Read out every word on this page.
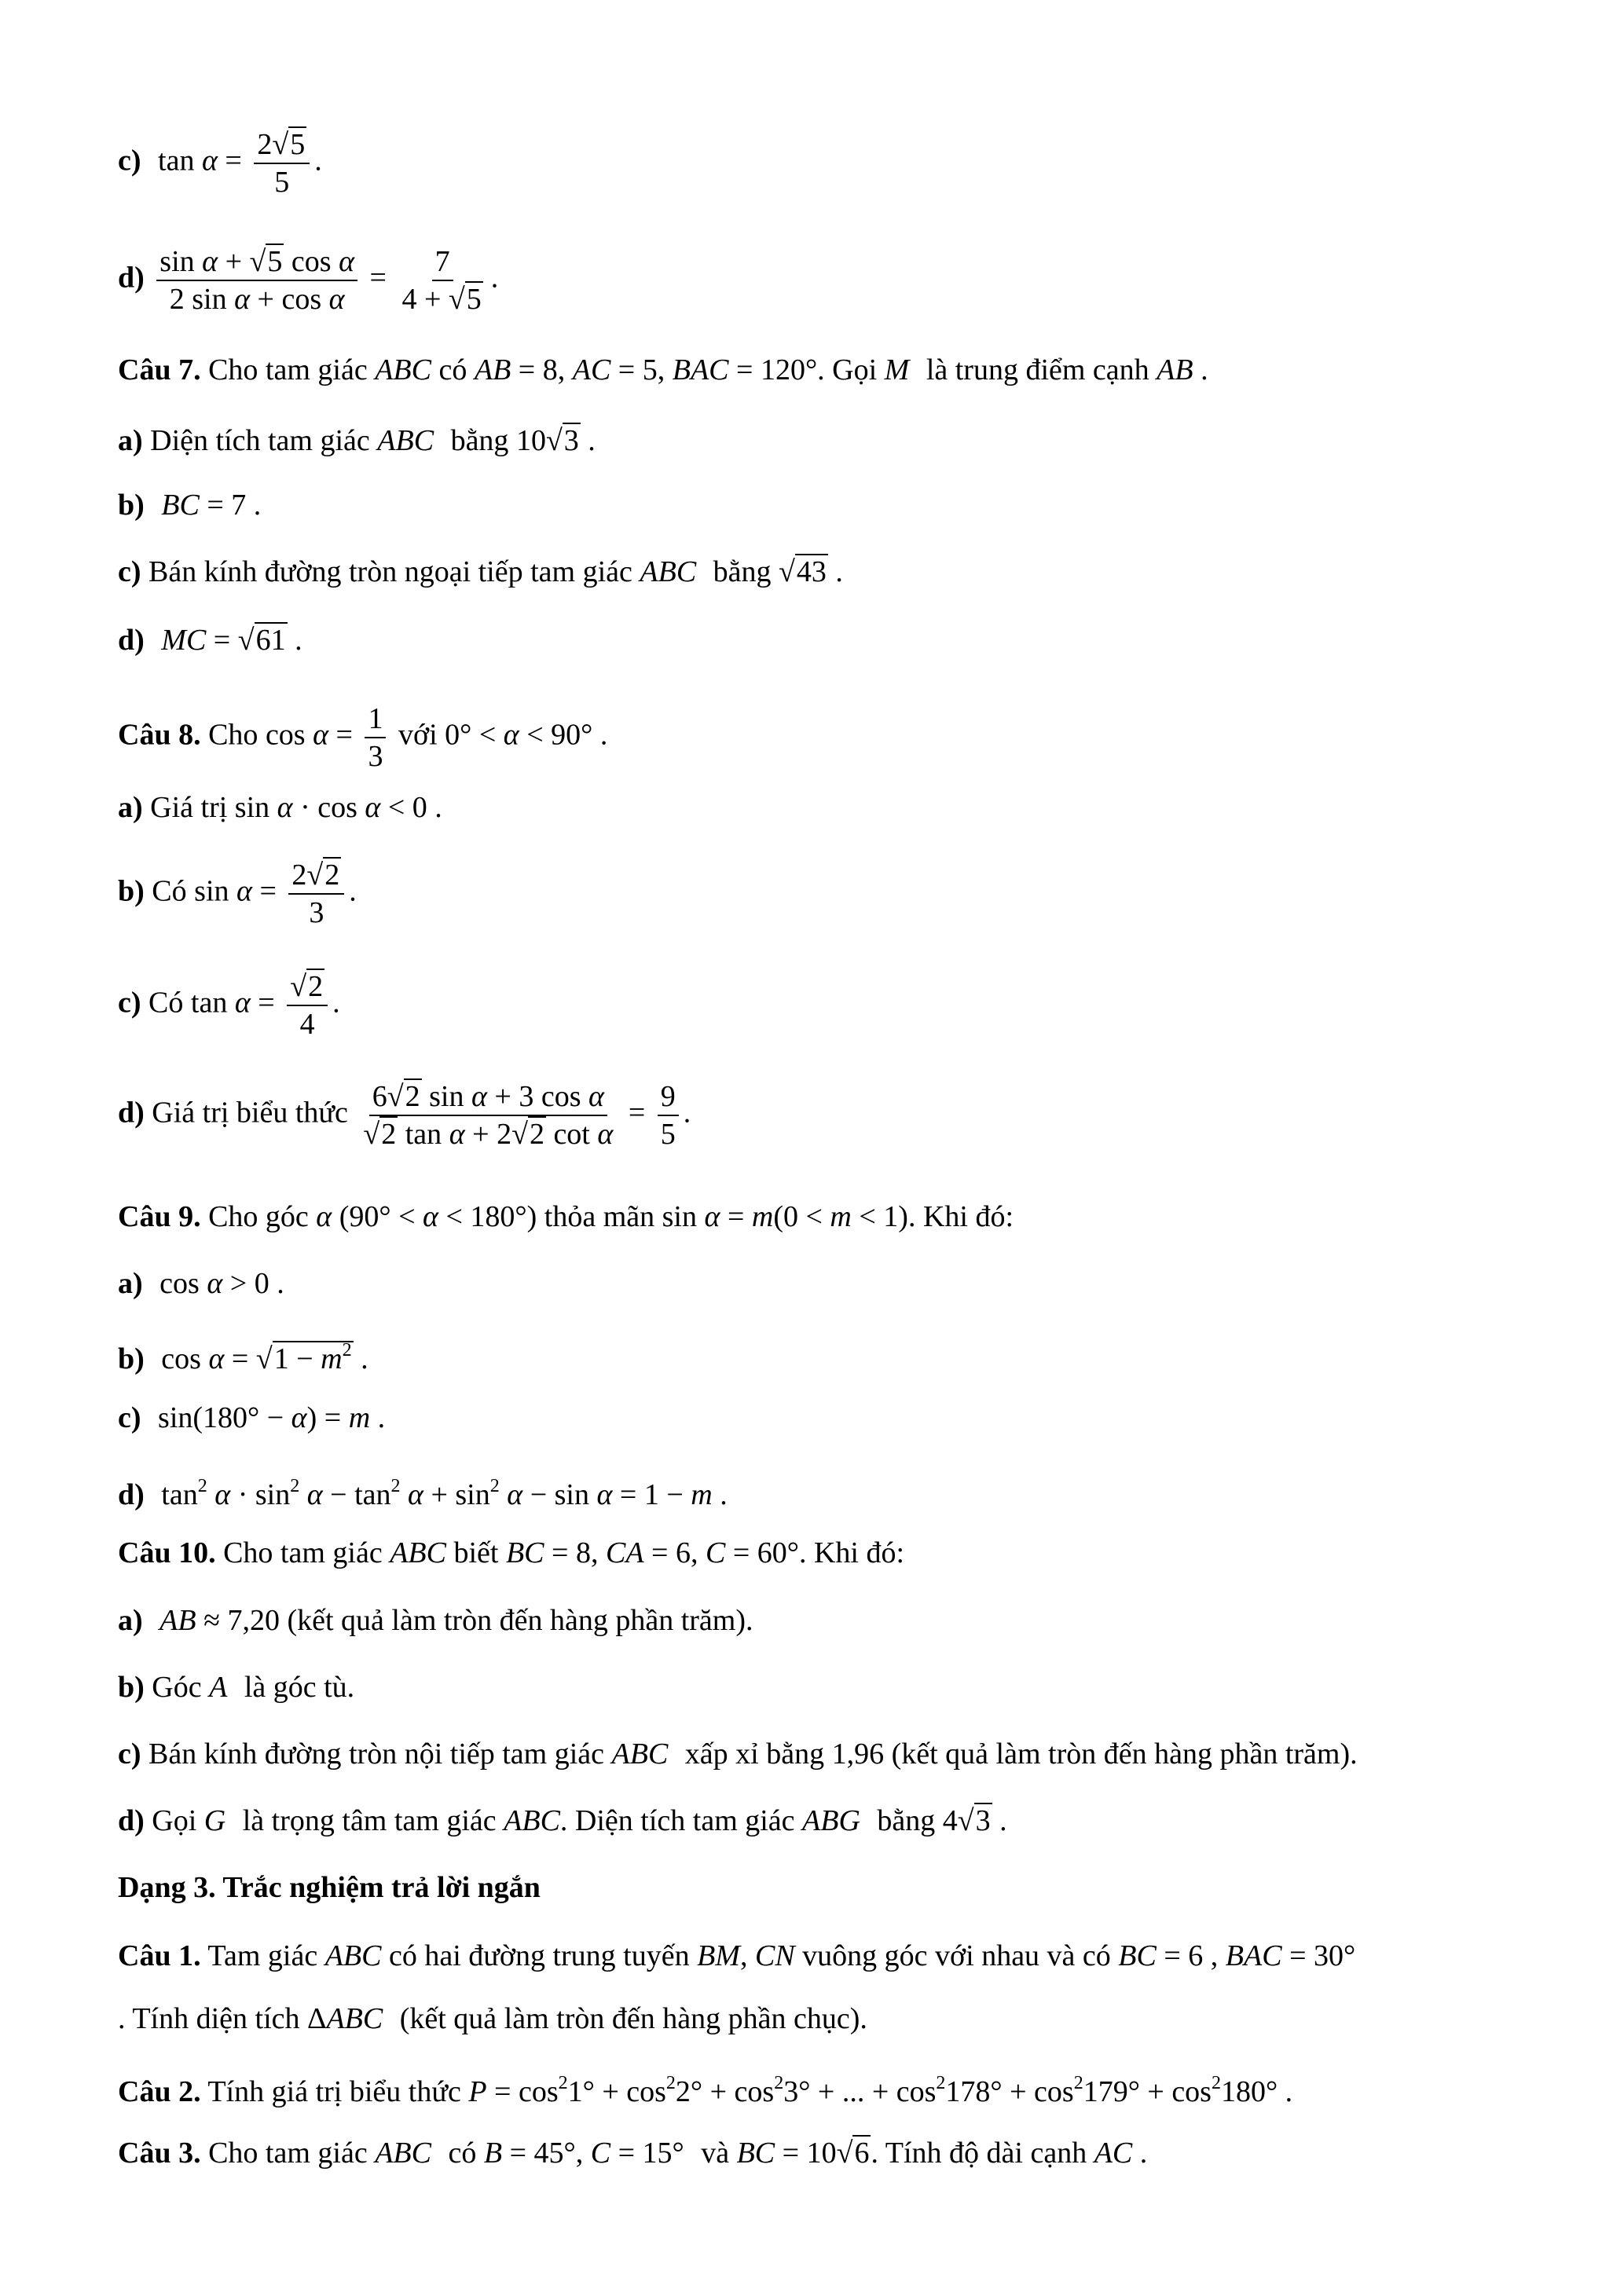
c) $\tan \alpha = \frac{2√5}{5}$ .
$d) \frac{\text{sin α + √5 cos α}}{\text{2 sin α + cos α}} = \frac{7}{4 + √5}$ .
Câu 7. Cho tam giác ABC có AB = 8, AC = 5, BAC = 120°. Gọi M là trung điểm cạnh AB .
a) Diện tích tam giác ABC bằng 10√3 .
b) BC = 7 .
c) Bán kính đường tròn ngoại tiếp tam giác ABC bằng √43 .
d) MC = √61 .
Câu 8. Cho $\cos \alpha = \frac{1}{3}$ với 0° < α < 90° .
a) Giá trị sin α · cos α < 0 .
b) Có $\sin \alpha = \frac{2√2}{3}$ .
c) Có $\tan \alpha = \frac{√2}{4}$ .
d) Giá trị biểu thức $\frac{\text{6√2 sin α + 3 cos α}}{\text{√2 tan α + 2√2 cot α}} = \frac{9}{5}$ .
Câu 9. Cho góc α (90° < α < 180°) thỏa mãn sin α = m(0 < m < 1). Khi đó:
a) cos α > 0 .
b) $\cos \alpha = √1 - m^2$ .
c) sin(180° − α) = m .
d) $\tan^2 \alpha \cdot \sin^2 \alpha - \tan^2 \alpha + \sin^2 \alpha - \sin \alpha = 1 - m$ .
Câu 10. Cho tam giác ABC biết BC = 8, CA = 6, C = 60°. Khi đó:
a) AB ≈ 7,20 (kết quả làm tròn đến hàng phần trăm).
b) Góc A là góc tù.
c) Bán kính đường tròn nội tiếp tam giác ABC xấp xỉ bằng 1,96 (kết quả làm tròn đến hàng phần trăm).
d) Gọi G là trọng tâm tam giác ABC. Diện tích tam giác ABG bằng 4√3 .
Dạng 3. Trắc nghiệm trả lời ngắn
Câu 1. Tam giác ABC có hai đường trung tuyến BM, CN vuông góc với nhau và có BC = 6 , BAC = 30°
. Tính diện tích ΔABC (kết quả làm tròn đến hàng phần chục).
Câu 2. Tính giá trị biểu thức $P = \cos^21^\circ + \cos^22^\circ + \cos^23^\circ$ + ... + $\cos^2178^\circ + \cos^2179^\circ + \cos^2180^\circ$ .
Câu 3. Cho tam giác ABC có B = 45°, C = 15° và BC = 10√6. Tính độ dài cạnh AC .
